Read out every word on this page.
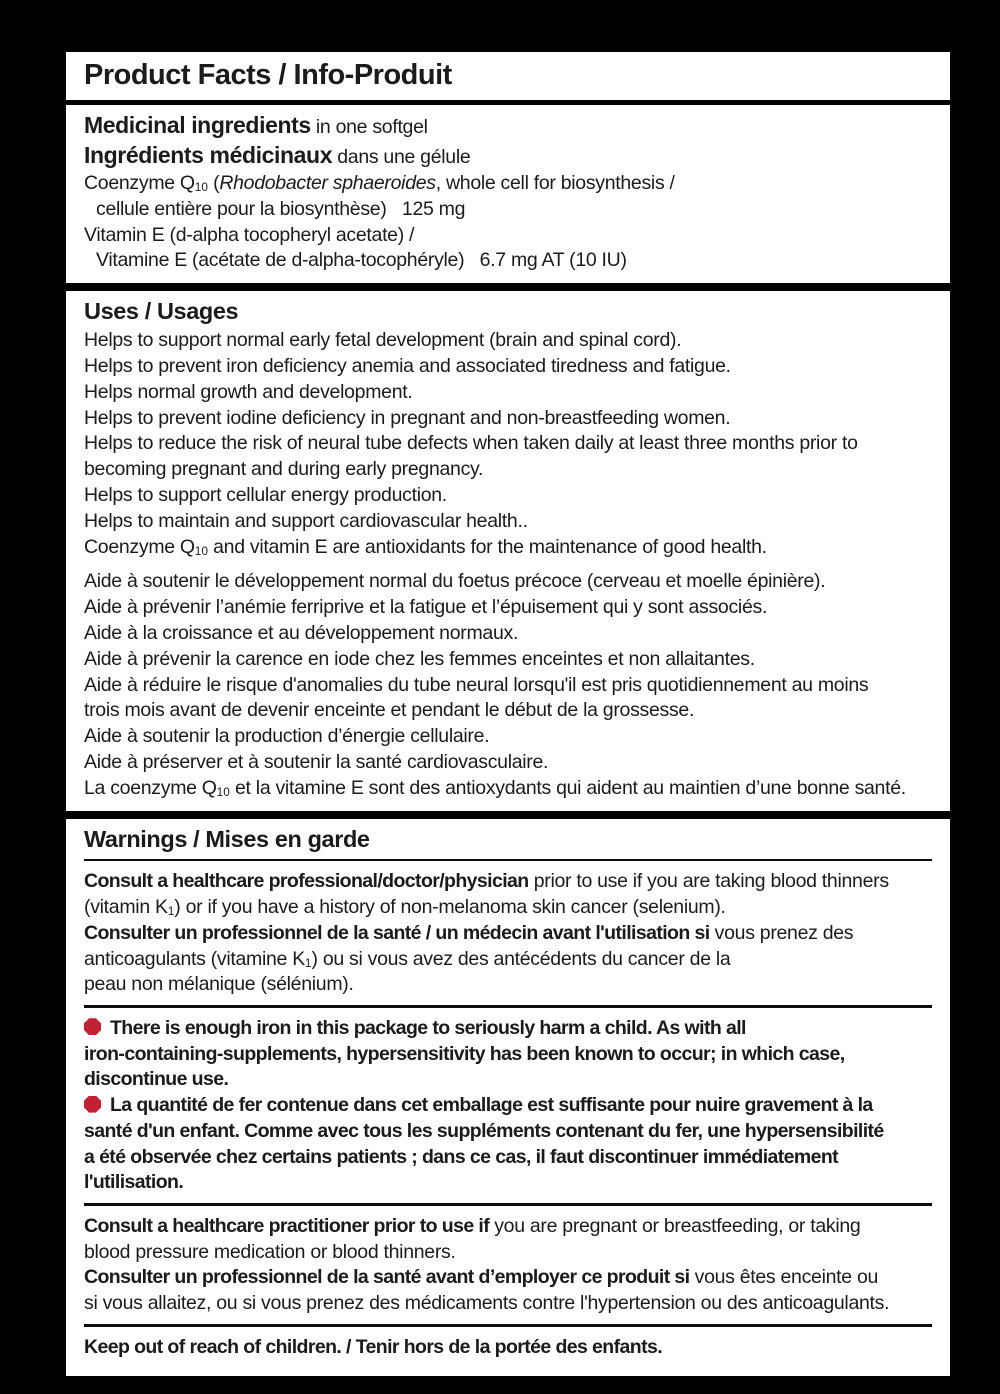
Product Facts / Info-Produit
Medicinal ingredients in one softgel
Ingrédients médicinaux dans une gélule
Coenzyme $Q_{10}$ (Rhodobacter sphaeroides, whole cell for biosynthesis /
cellule entière pour la biosynthèse)   125 mg
Vitamin E (d-alpha tocopheryl acetate) /
Vitamine E (acétate de d-alpha-tocophéryle)   6.7 mg AT (10 IU)
Uses / Usages
Helps to support normal early fetal development (brain and spinal cord).
Helps to prevent iron deficiency anemia and associated tiredness and fatigue.
Helps normal growth and development.
Helps to prevent iodine deficiency in pregnant and non-breastfeeding women.
Helps to reduce the risk of neural tube defects when taken daily at least three months prior to
becoming pregnant and during early pregnancy.
Helps to support cellular energy production.
Helps to maintain and support cardiovascular health..
Coenzyme $Q_{10}$ and vitamin E are antioxidants for the maintenance of good health.
Aide à soutenir le développement normal du foetus précoce (cerveau et moelle épinière).
Aide à prévenir l’anémie ferriprive et la fatigue et l’épuisement qui y sont associés.
Aide à la croissance et au développement normaux.
Aide à prévenir la carence en iode chez les femmes enceintes et non allaitantes.
Aide à réduire le risque d'anomalies du tube neural lorsqu'il est pris quotidiennement au moins
trois mois avant de devenir enceinte et pendant le début de la grossesse.
Aide à soutenir la production d’énergie cellulaire.
Aide à préserver et à soutenir la santé cardiovasculaire.
La coenzyme $Q_{10}$ et la vitamine E sont des antioxydants qui aident au maintien d’une bonne santé.
Warnings / Mises en garde
Consult a healthcare professional/doctor/physician prior to use if you are taking blood thinners
(vitamin $K_1$) or if you have a history of non-melanoma skin cancer (selenium).
Consulter un professionnel de la santé / un médecin avant l'utilisation si vous prenez des
anticoagulants (vitamine $K_1$) ou si vous avez des antécédents du cancer de la
peau non mélanique (sélénium).
There is enough iron in this package to seriously harm a child. As with all
iron-containing-supplements, hypersensitivity has been known to occur; in which case,
discontinue use.
La quantité de fer contenue dans cet emballage est suffisante pour nuire gravement à la
santé d'un enfant. Comme avec tous les suppléments contenant du fer, une hypersensibilité
a été observée chez certains patients ; dans ce cas, il faut discontinuer immédiatement
l'utilisation.
Consult a healthcare practitioner prior to use if you are pregnant or breastfeeding, or taking
blood pressure medication or blood thinners.
Consulter un professionnel de la santé avant d’employer ce produit si vous êtes enceinte ou
si vous allaitez, ou si vous prenez des médicaments contre l'hypertension ou des anticoagulants.
Keep out of reach of children. / Tenir hors de la portée des enfants.
